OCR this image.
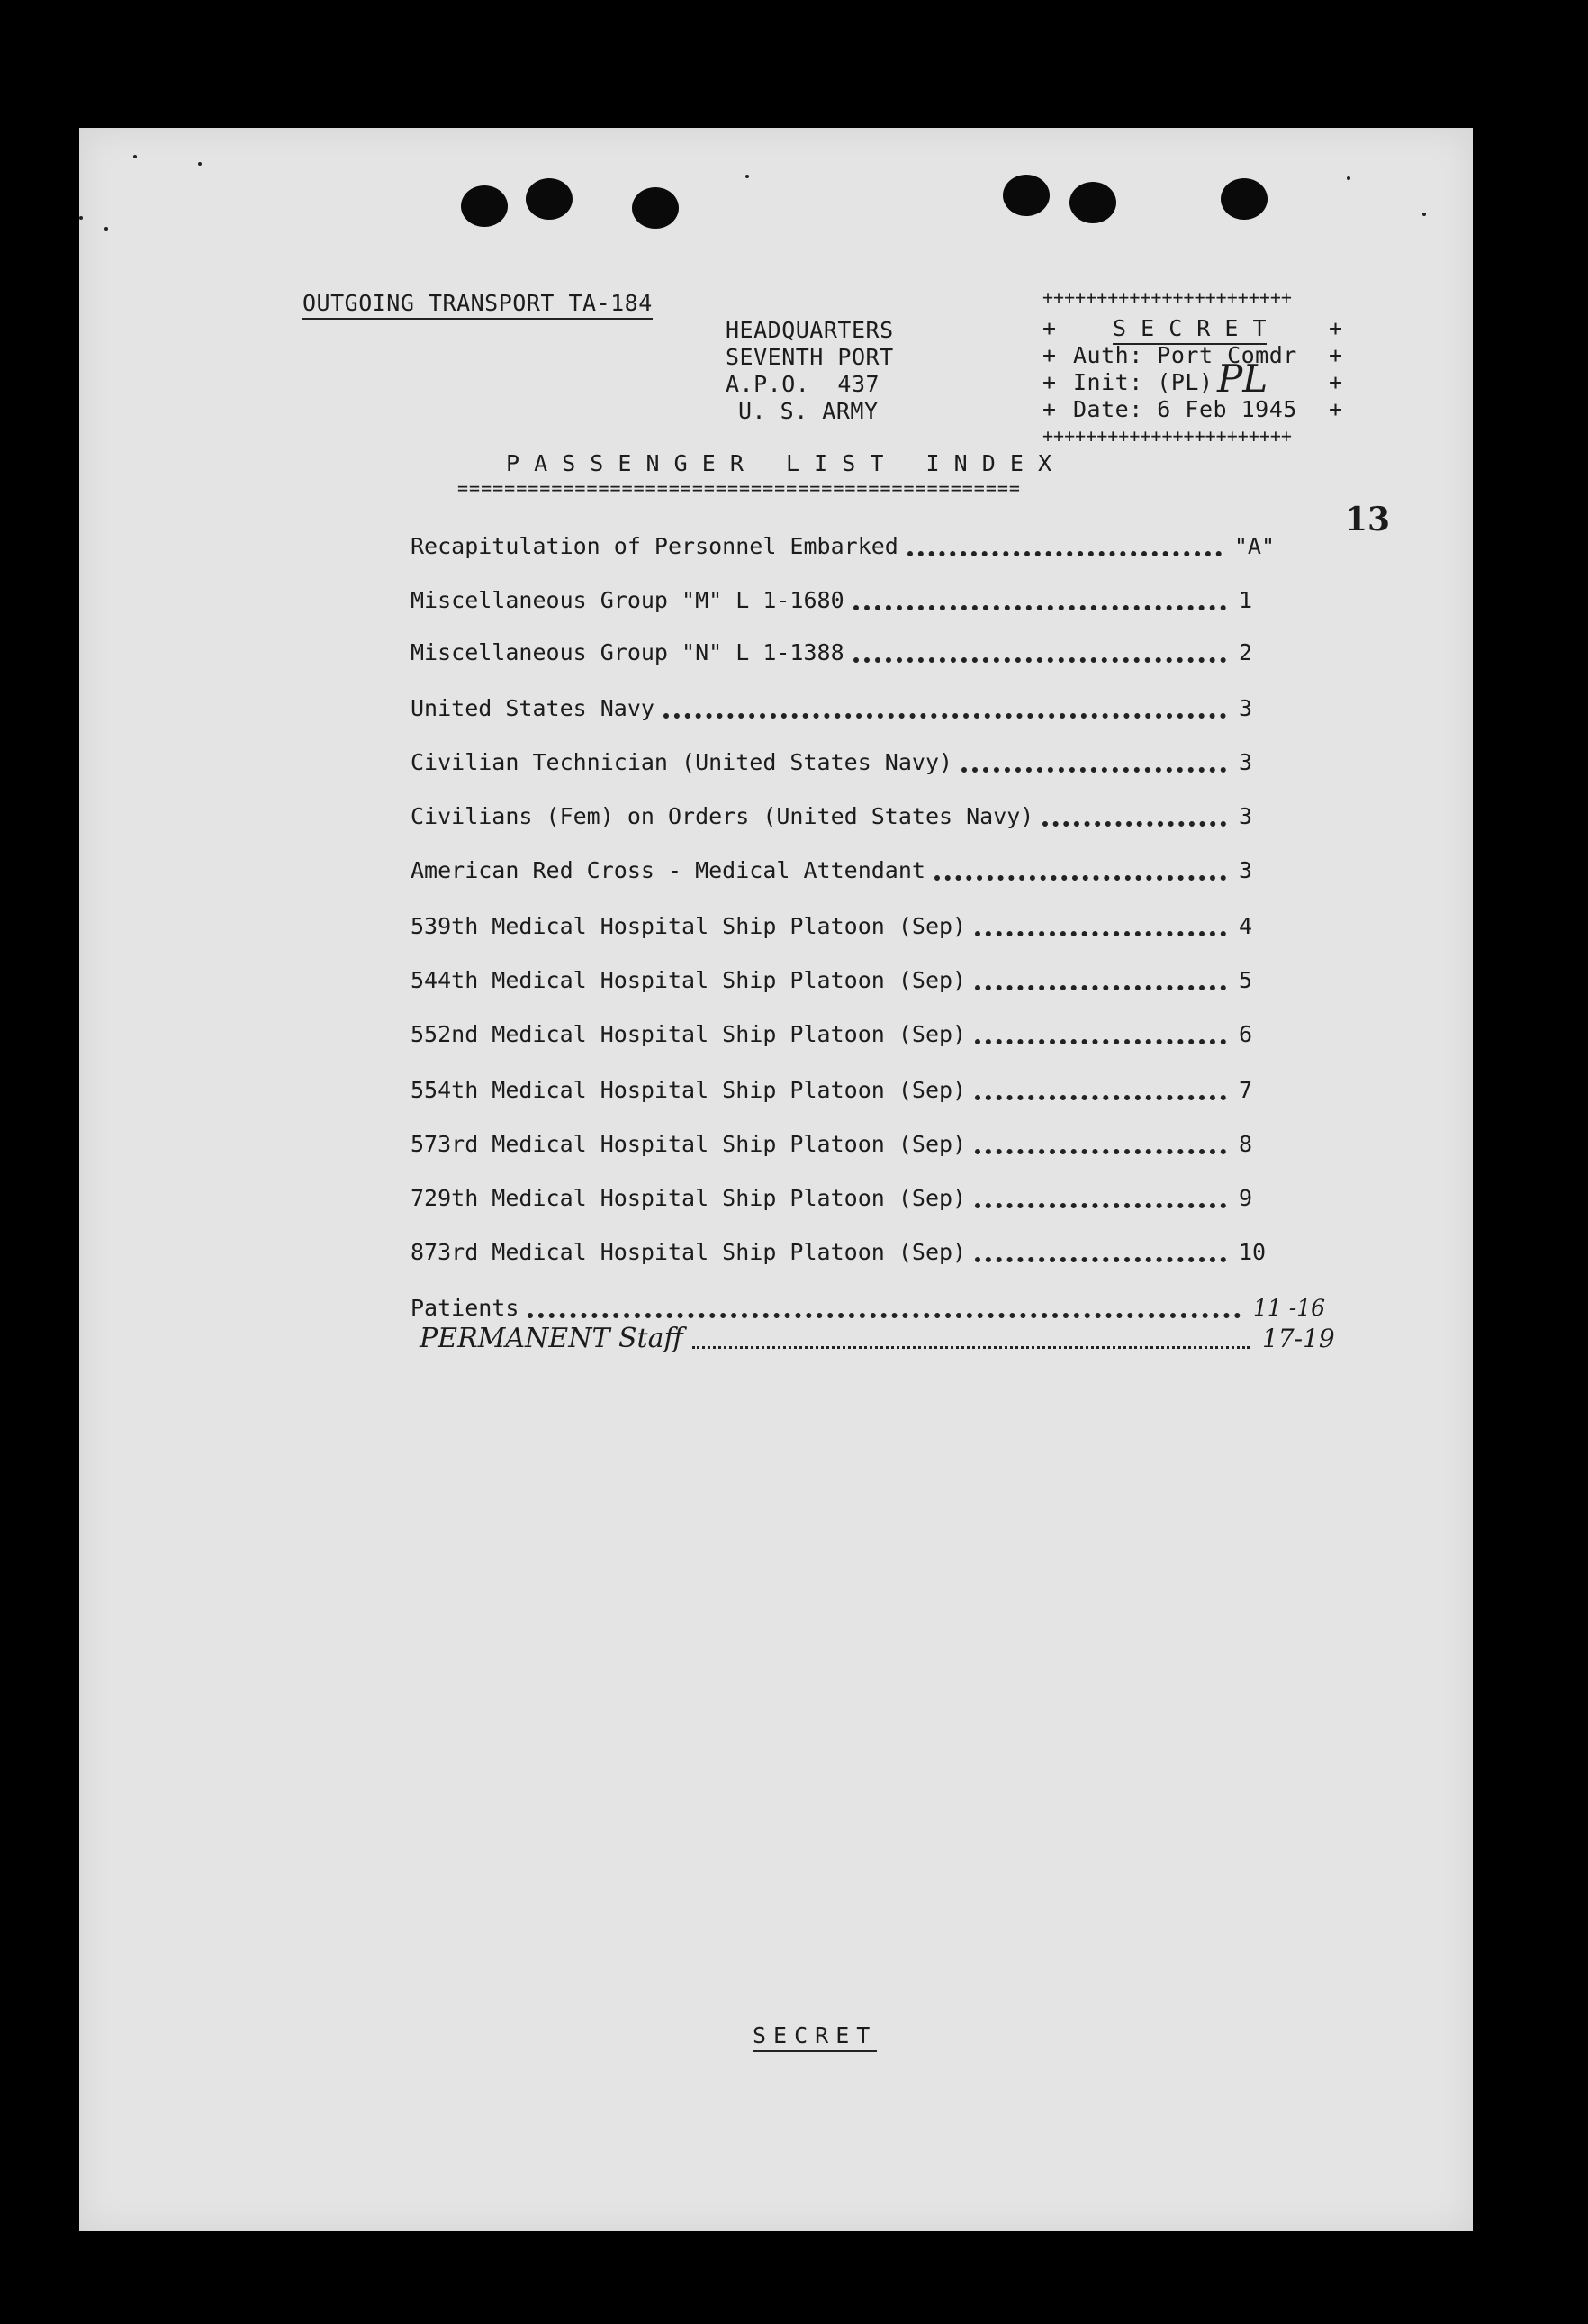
OUTGOING TRANSPORT TA-184
HEADQUARTERS
SEVENTH PORT
A.P.O.  437
U. S. ARMY
+++++++++++++++++++++++
+
+
+
+
+
+
+
+
S E C R E T
Auth: Port Comdr
Init: (PL) PL
Date: 6 Feb 1945
+++++++++++++++++++++++
13
P A S S E N G E R   L I S T   I N D E X
================================================
Recapitulation of Personnel Embarked	"A"
Miscellaneous Group "M" L 1-1680	1
Miscellaneous Group "N" L 1-1388	2
United States Navy	3
Civilian Technician (United States Navy)	3
Civilians (Fem) on Orders (United States Navy)	3
American Red Cross - Medical Attendant	3
539th Medical Hospital Ship Platoon (Sep)	4
544th Medical Hospital Ship Platoon (Sep)	5
552nd Medical Hospital Ship Platoon (Sep)	6
554th Medical Hospital Ship Platoon (Sep)	7
573rd Medical Hospital Ship Platoon (Sep)	8
729th Medical Hospital Ship Platoon (Sep)	9
873rd Medical Hospital Ship Platoon (Sep)	10
Patients	11 -16
PERMANENT Staff	17-19
SECRET
